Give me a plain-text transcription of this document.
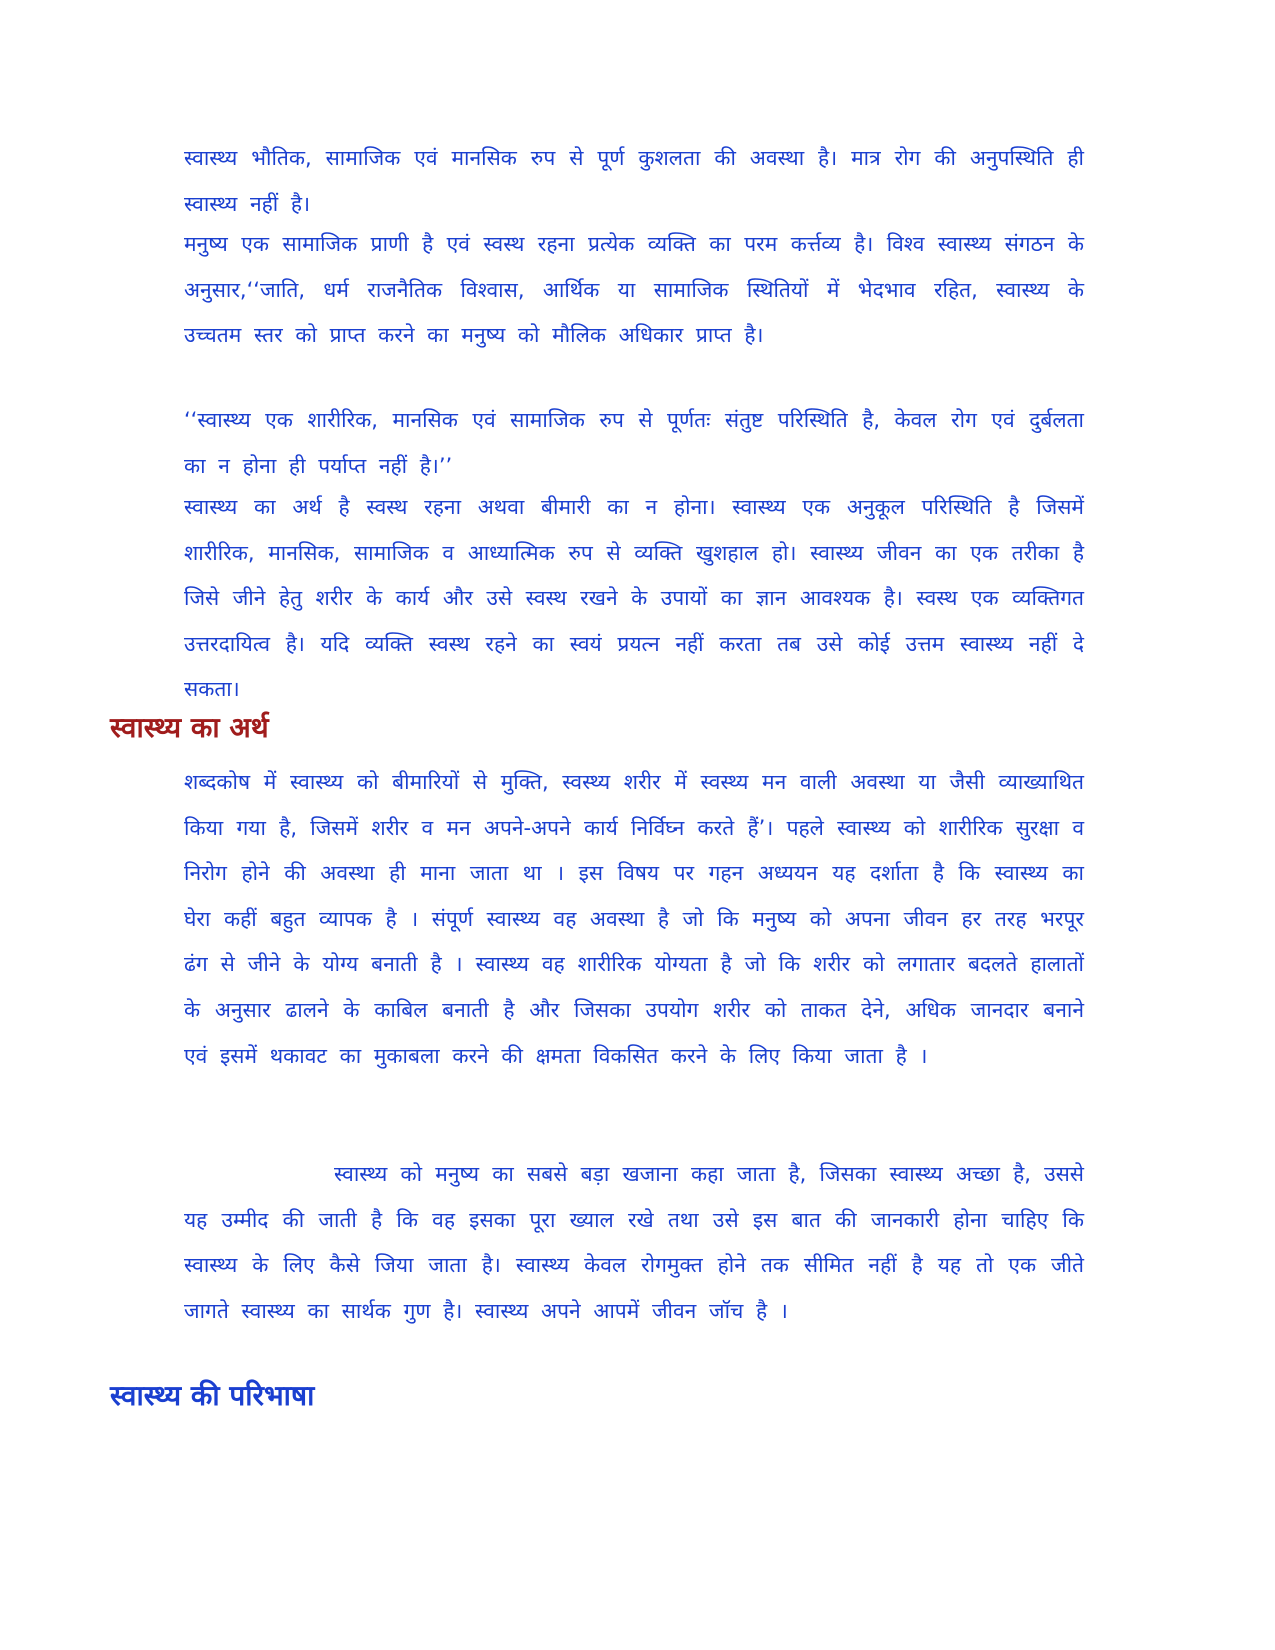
स्वास्थ्य भौतिक, सामाजिक एवं मानसिक रुप से पूर्ण कुशलता की अवस्था है। मात्र रोग की अनुपस्थिति ही स्वास्थ्य नहीं है।

मनुष्य एक सामाजिक प्राणी है एवं स्वस्थ रहना प्रत्येक व्यक्ति का परम कर्त्तव्य है। विश्व स्वास्थ्य संगठन के अनुसार,‘‘जाति, धर्म राजनैतिक विश्वास, आर्थिक या सामाजिक स्थितियों में भेदभाव रहित, स्वास्थ्य के उच्चतम स्तर को प्राप्त करने का मनुष्य को मौलिक अधिकार प्राप्त है।

‘‘स्वास्थ्य एक शारीरिक, मानसिक एवं सामाजिक रुप से पूर्णतः संतुष्ट परिस्थिति है, केवल रोग एवं दुर्बलता का न होना ही पर्याप्त नहीं है।’’

स्वास्थ्य का अर्थ है स्वस्थ रहना अथवा बीमारी का न होना। स्वास्थ्य एक अनुकूल परिस्थिति है जिसमें शारीरिक, मानसिक, सामाजिक व आध्यात्मिक रुप से व्यक्ति खुशहाल हो। स्वास्थ्य जीवन का एक तरीका है जिसे जीने हेतु शरीर के कार्य और उसे स्वस्थ रखने के उपायों का ज्ञान आवश्यक है। स्वस्थ एक व्यक्तिगत उत्तरदायित्व है। यदि व्यक्ति स्वस्थ रहने का स्वयं प्रयत्न नहीं करता तब उसे कोई उत्तम स्वास्थ्य नहीं दे सकता।

स्वास्थ्य का अर्थ

शब्दकोष में स्वास्थ्य को बीमारियों से मुक्ति, स्वस्थ्य शरीर में स्वस्थ्य मन वाली अवस्था या जैसी व्याख्याथित किया गया है, जिसमें शरीर व मन अपने-अपने कार्य निर्विघ्न करते हैं’। पहले स्वास्थ्य को शारीरिक सुरक्षा व निरोग होने की अवस्था ही माना जाता था । इस विषय पर गहन अध्ययन यह दर्शाता है कि स्वास्थ्य का घेरा कहीं बहुत व्यापक है । संपूर्ण स्वास्थ्य वह अवस्था है जो कि मनुष्य को अपना जीवन हर तरह भरपूर ढंग से जीने के योग्य बनाती है । स्वास्थ्य वह शारीरिक योग्यता है जो कि शरीर को लगातार बदलते हालातों के अनुसार ढालने के काबिल बनाती है और जिसका उपयोग शरीर को ताकत देने, अधिक जानदार बनाने एवं इसमें थकावट का मुकाबला करने की क्षमता विकसित करने के लिए किया जाता है ।

स्वास्थ्य को मनुष्य का सबसे बड़ा खजाना कहा जाता है, जिसका स्वास्थ्य अच्छा है, उससे यह उम्मीद की जाती है कि वह इसका पूरा ख्याल रखे तथा उसे इस बात की जानकारी होना चाहिए कि स्वास्थ्य के लिए कैसे जिया जाता है। स्वास्थ्य केवल रोगमुक्त होने तक सीमित नहीं है यह तो एक जीते जागते स्वास्थ्य का सार्थक गुण है। स्वास्थ्य अपने आपमें जीवन जॉच है ।

स्वास्थ्य की परिभाषा
